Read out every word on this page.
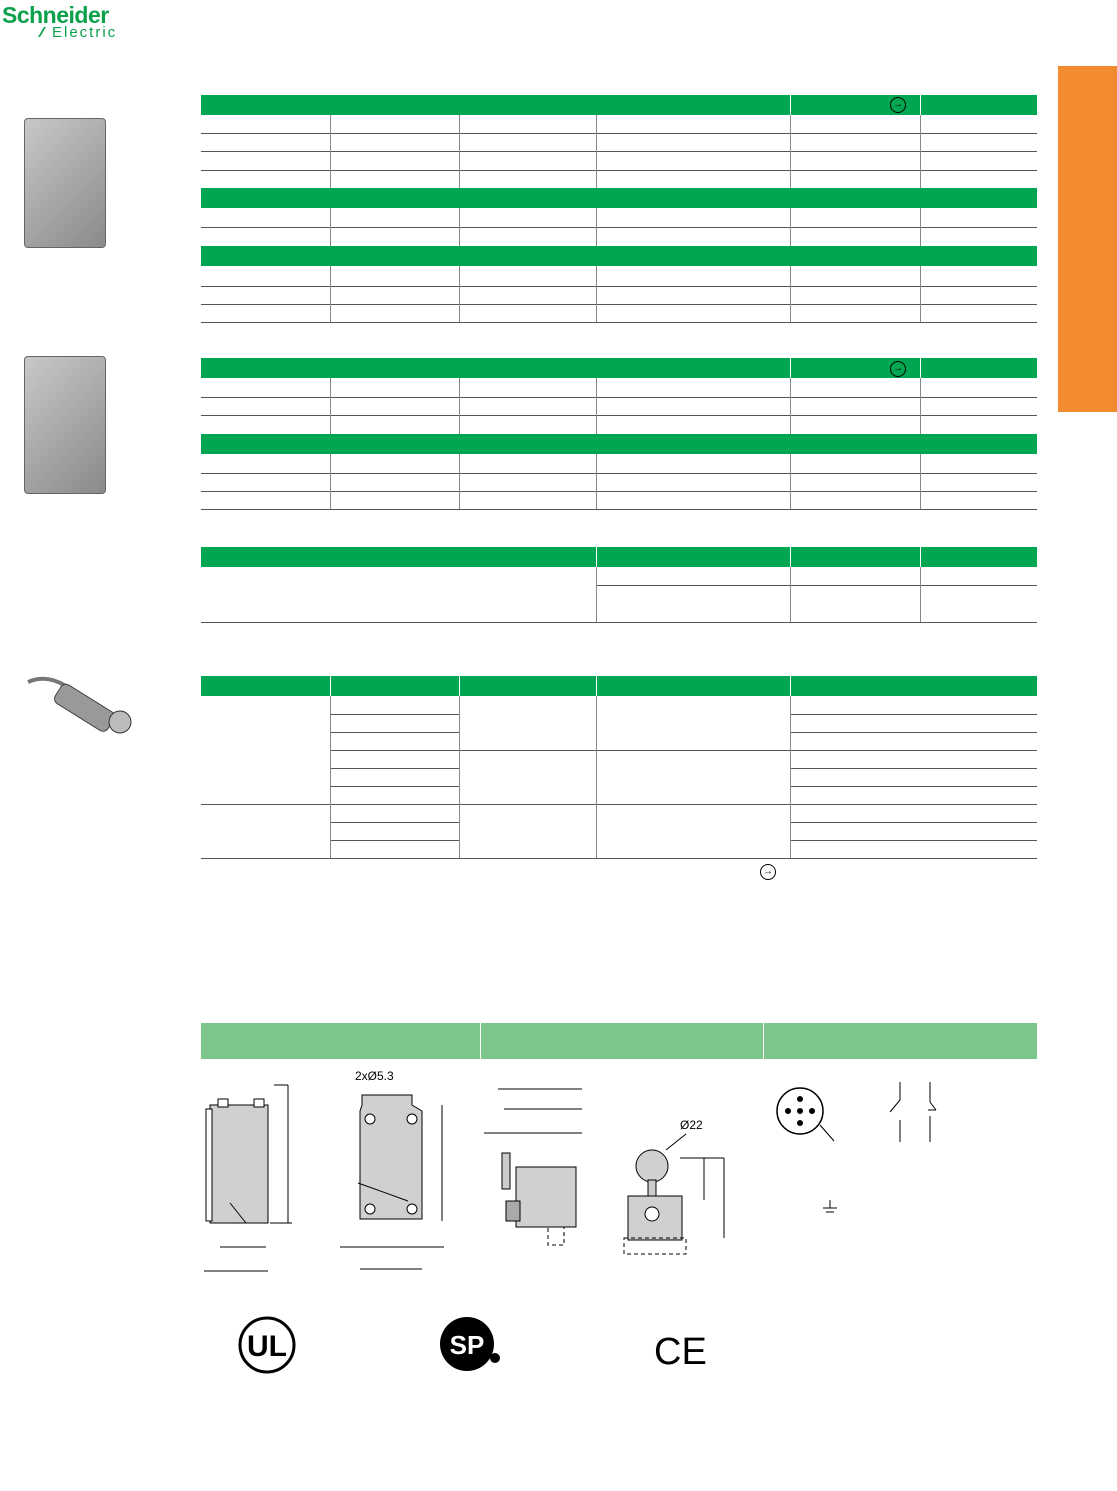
Schneider
Electric
→
→
→
2xØ5.3
Ø22
UL	SP	CE
